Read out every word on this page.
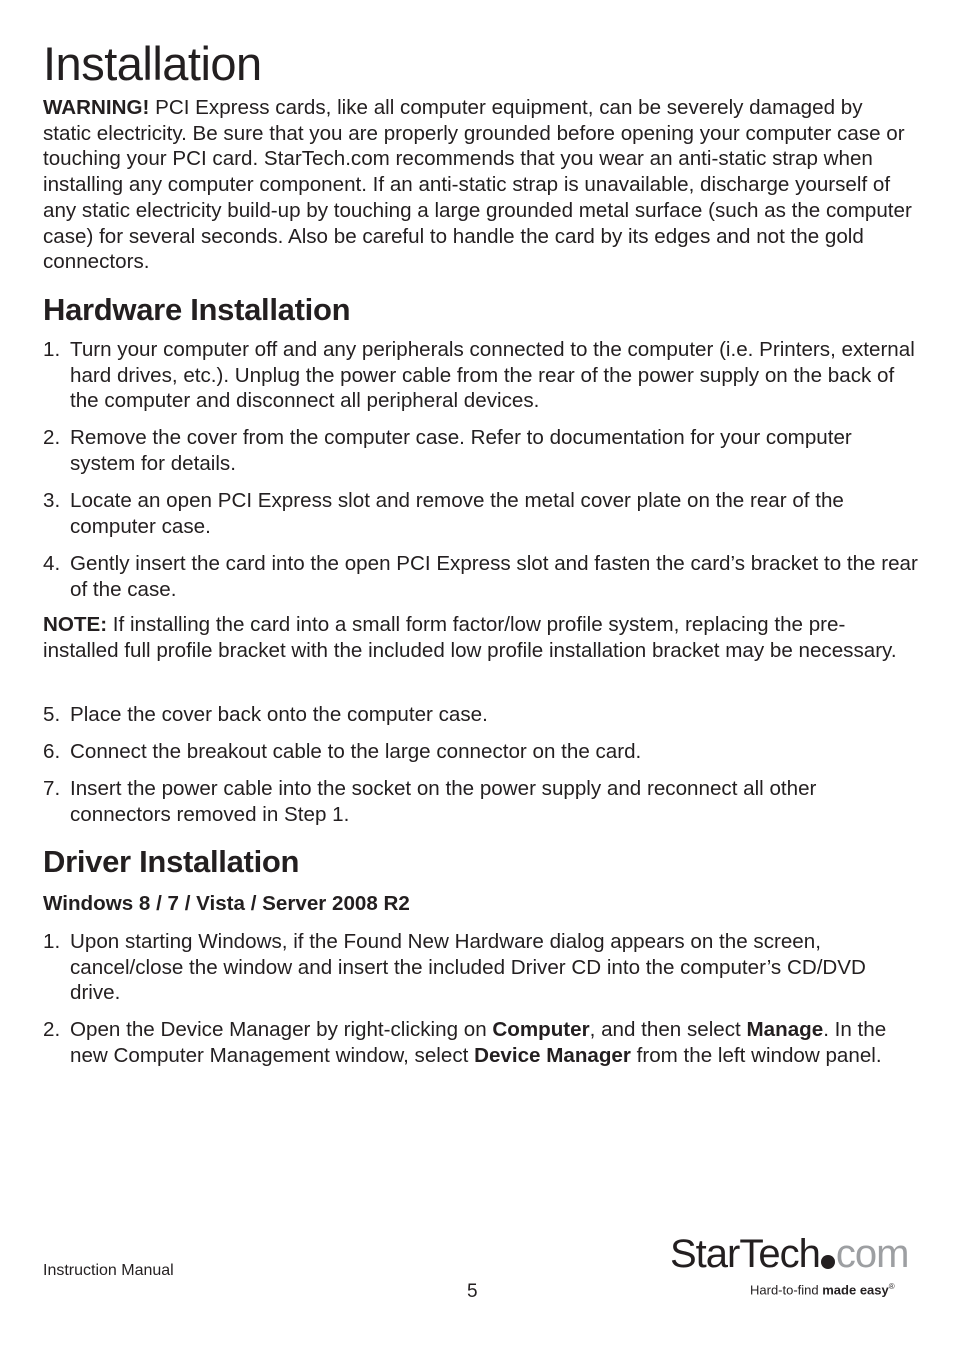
Installation

WARNING! PCI Express cards, like all computer equipment, can be severely damaged by static electricity. Be sure that you are properly grounded before opening your computer case or touching your PCI card. StarTech.com recommends that you wear an anti-static strap when installing any computer component. If an anti-static strap is unavailable, discharge yourself of any static electricity build-up by touching a large grounded metal surface (such as the computer case) for several seconds. Also be careful to handle the card by its edges and not the gold connectors.

Hardware Installation
1. Turn your computer off and any peripherals connected to the computer (i.e. Printers, external hard drives, etc.). Unplug the power cable from the rear of the power supply on the back of the computer and disconnect all peripheral devices.
2. Remove the cover from the computer case. Refer to documentation for your computer system for details.
3. Locate an open PCI Express slot and remove the metal cover plate on the rear of the computer case.
4. Gently insert the card into the open PCI Express slot and fasten the card’s bracket to the rear of the case.

NOTE: If installing the card into a small form factor/low profile system, replacing the pre-installed full profile bracket with the included low profile installation bracket may be necessary.

5. Place the cover back onto the computer case.
6. Connect the breakout cable to the large connector on the card.
7. Insert the power cable into the socket on the power supply and reconnect all other connectors removed in Step 1.
Driver Installation
Windows 8 / 7 / Vista / Server 2008 R2
1. Upon starting Windows, if the Found New Hardware dialog appears on the screen, cancel/close the window and insert the included Driver CD into the computer’s CD/DVD drive.
2. Open the Device Manager by right-clicking on Computer, and then select Manage. In the new Computer Management window, select Device Manager from the left window panel.
Instruction Manual
5
StarTech com
Hard-to-find made easy®
